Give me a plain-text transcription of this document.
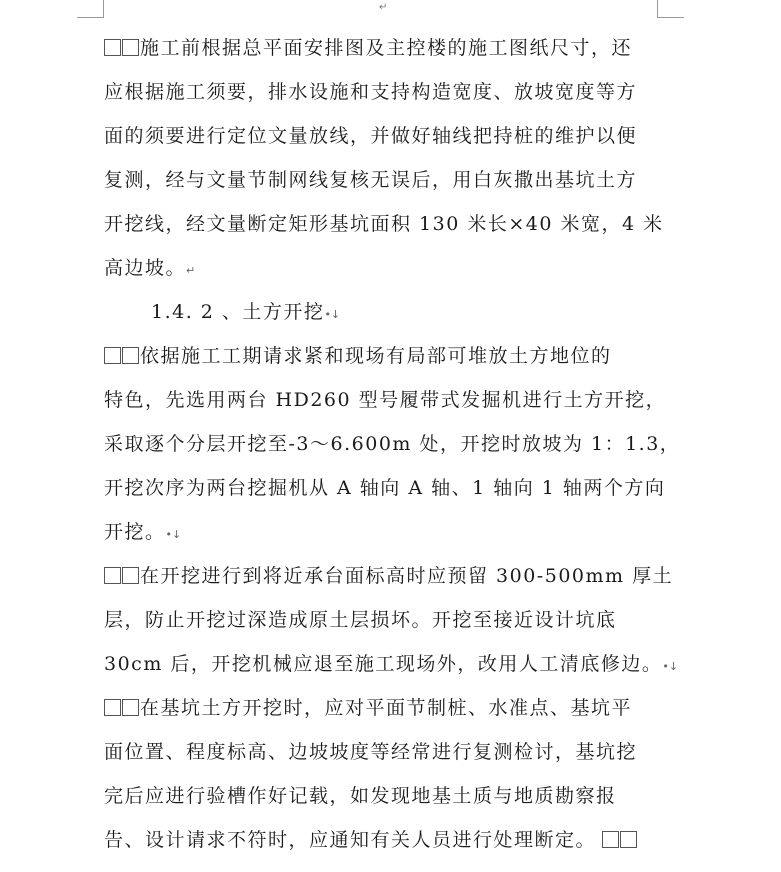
↵
施工前根据总平面安排图及主控楼的施工图纸尺寸，还
应根据施工须要，排水设施和支持构造宽度、放坡宽度等方
面的须要进行定位文量放线，并做好轴线把持桩的维护以便
复测，经与文量节制网线复核无误后，用白灰撒出基坑土方
开挖线，经文量断定矩形基坑面积 130 米长×40 米宽，4 米
高边坡。↵
1.4. 2 、土方开挖•↓
依据施工工期请求紧和现场有局部可堆放土方地位的
特色，先选用两台 HD260 型号履带式发掘机进行土方开挖，
采取逐个分层开挖至-3～6.600m 处，开挖时放坡为 1：1.3，
开挖次序为两台挖掘机从 A 轴向 A 轴、1 轴向 1 轴两个方向
开挖。•↓
在开挖进行到将近承台面标高时应预留 300-500mm 厚土
层，防止开挖过深造成原土层损坏。开挖至接近设计坑底
30cm 后，开挖机械应退至施工现场外，改用人工清底修边。•↓
在基坑土方开挖时，应对平面节制桩、水准点、基坑平
面位置、程度标高、边坡坡度等经常进行复测检讨，基坑挖
完后应进行验槽作好记载，如发现地基土质与地质勘察报
告、设计请求不符时，应通知有关人员进行处理断定。
